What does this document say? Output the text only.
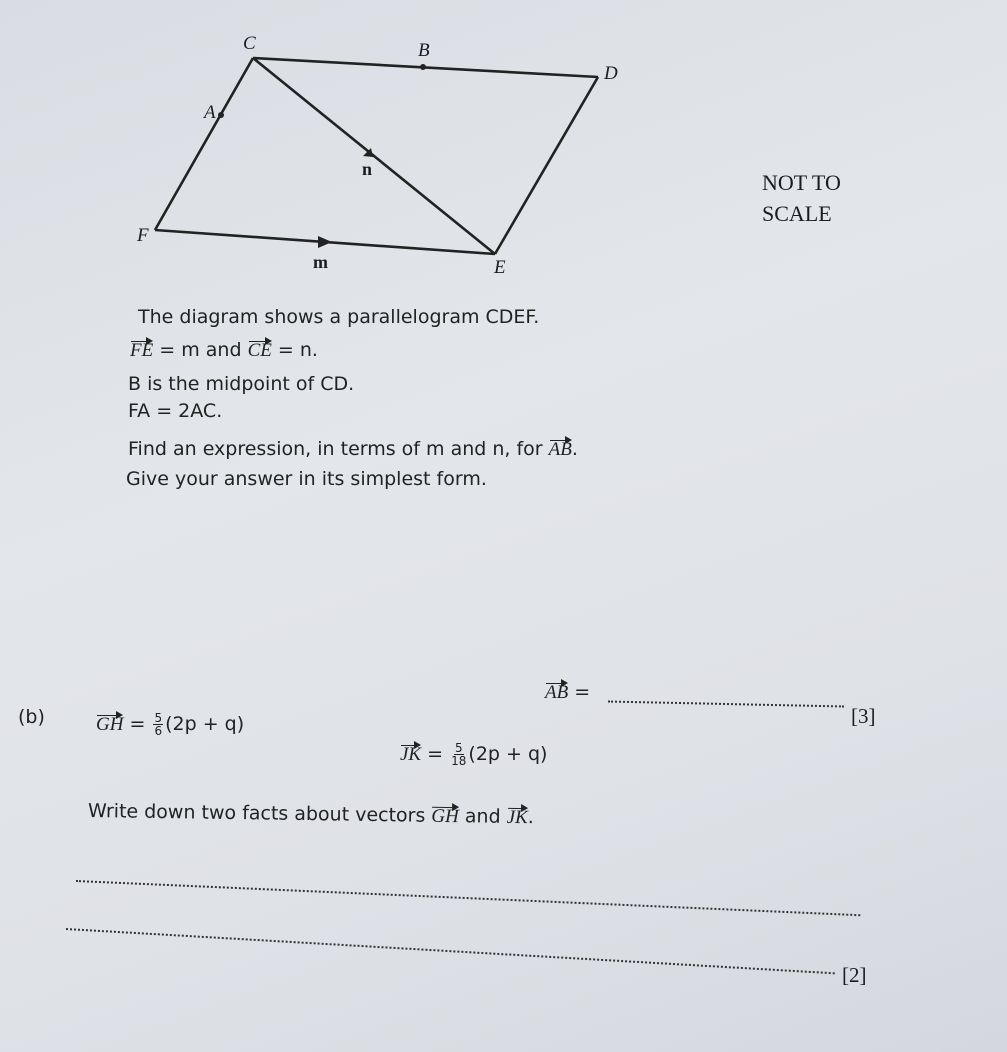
C	B
D
A
F
E
n
m
NOT TO
SCALE
The diagram shows a parallelogram CDEF.
FE = m and CE = n.
B is the midpoint of CD.
FA = 2AC.
Find an expression, in terms of m and n, for AB.
Give your answer in its simplest form.
AB =
[3]
(b)	GH = $\frac{5}{6} (2p + q)$
JK = $\frac{5}{18} (2p + q)$
Write down two facts about vectors GH and JK.
[2]
